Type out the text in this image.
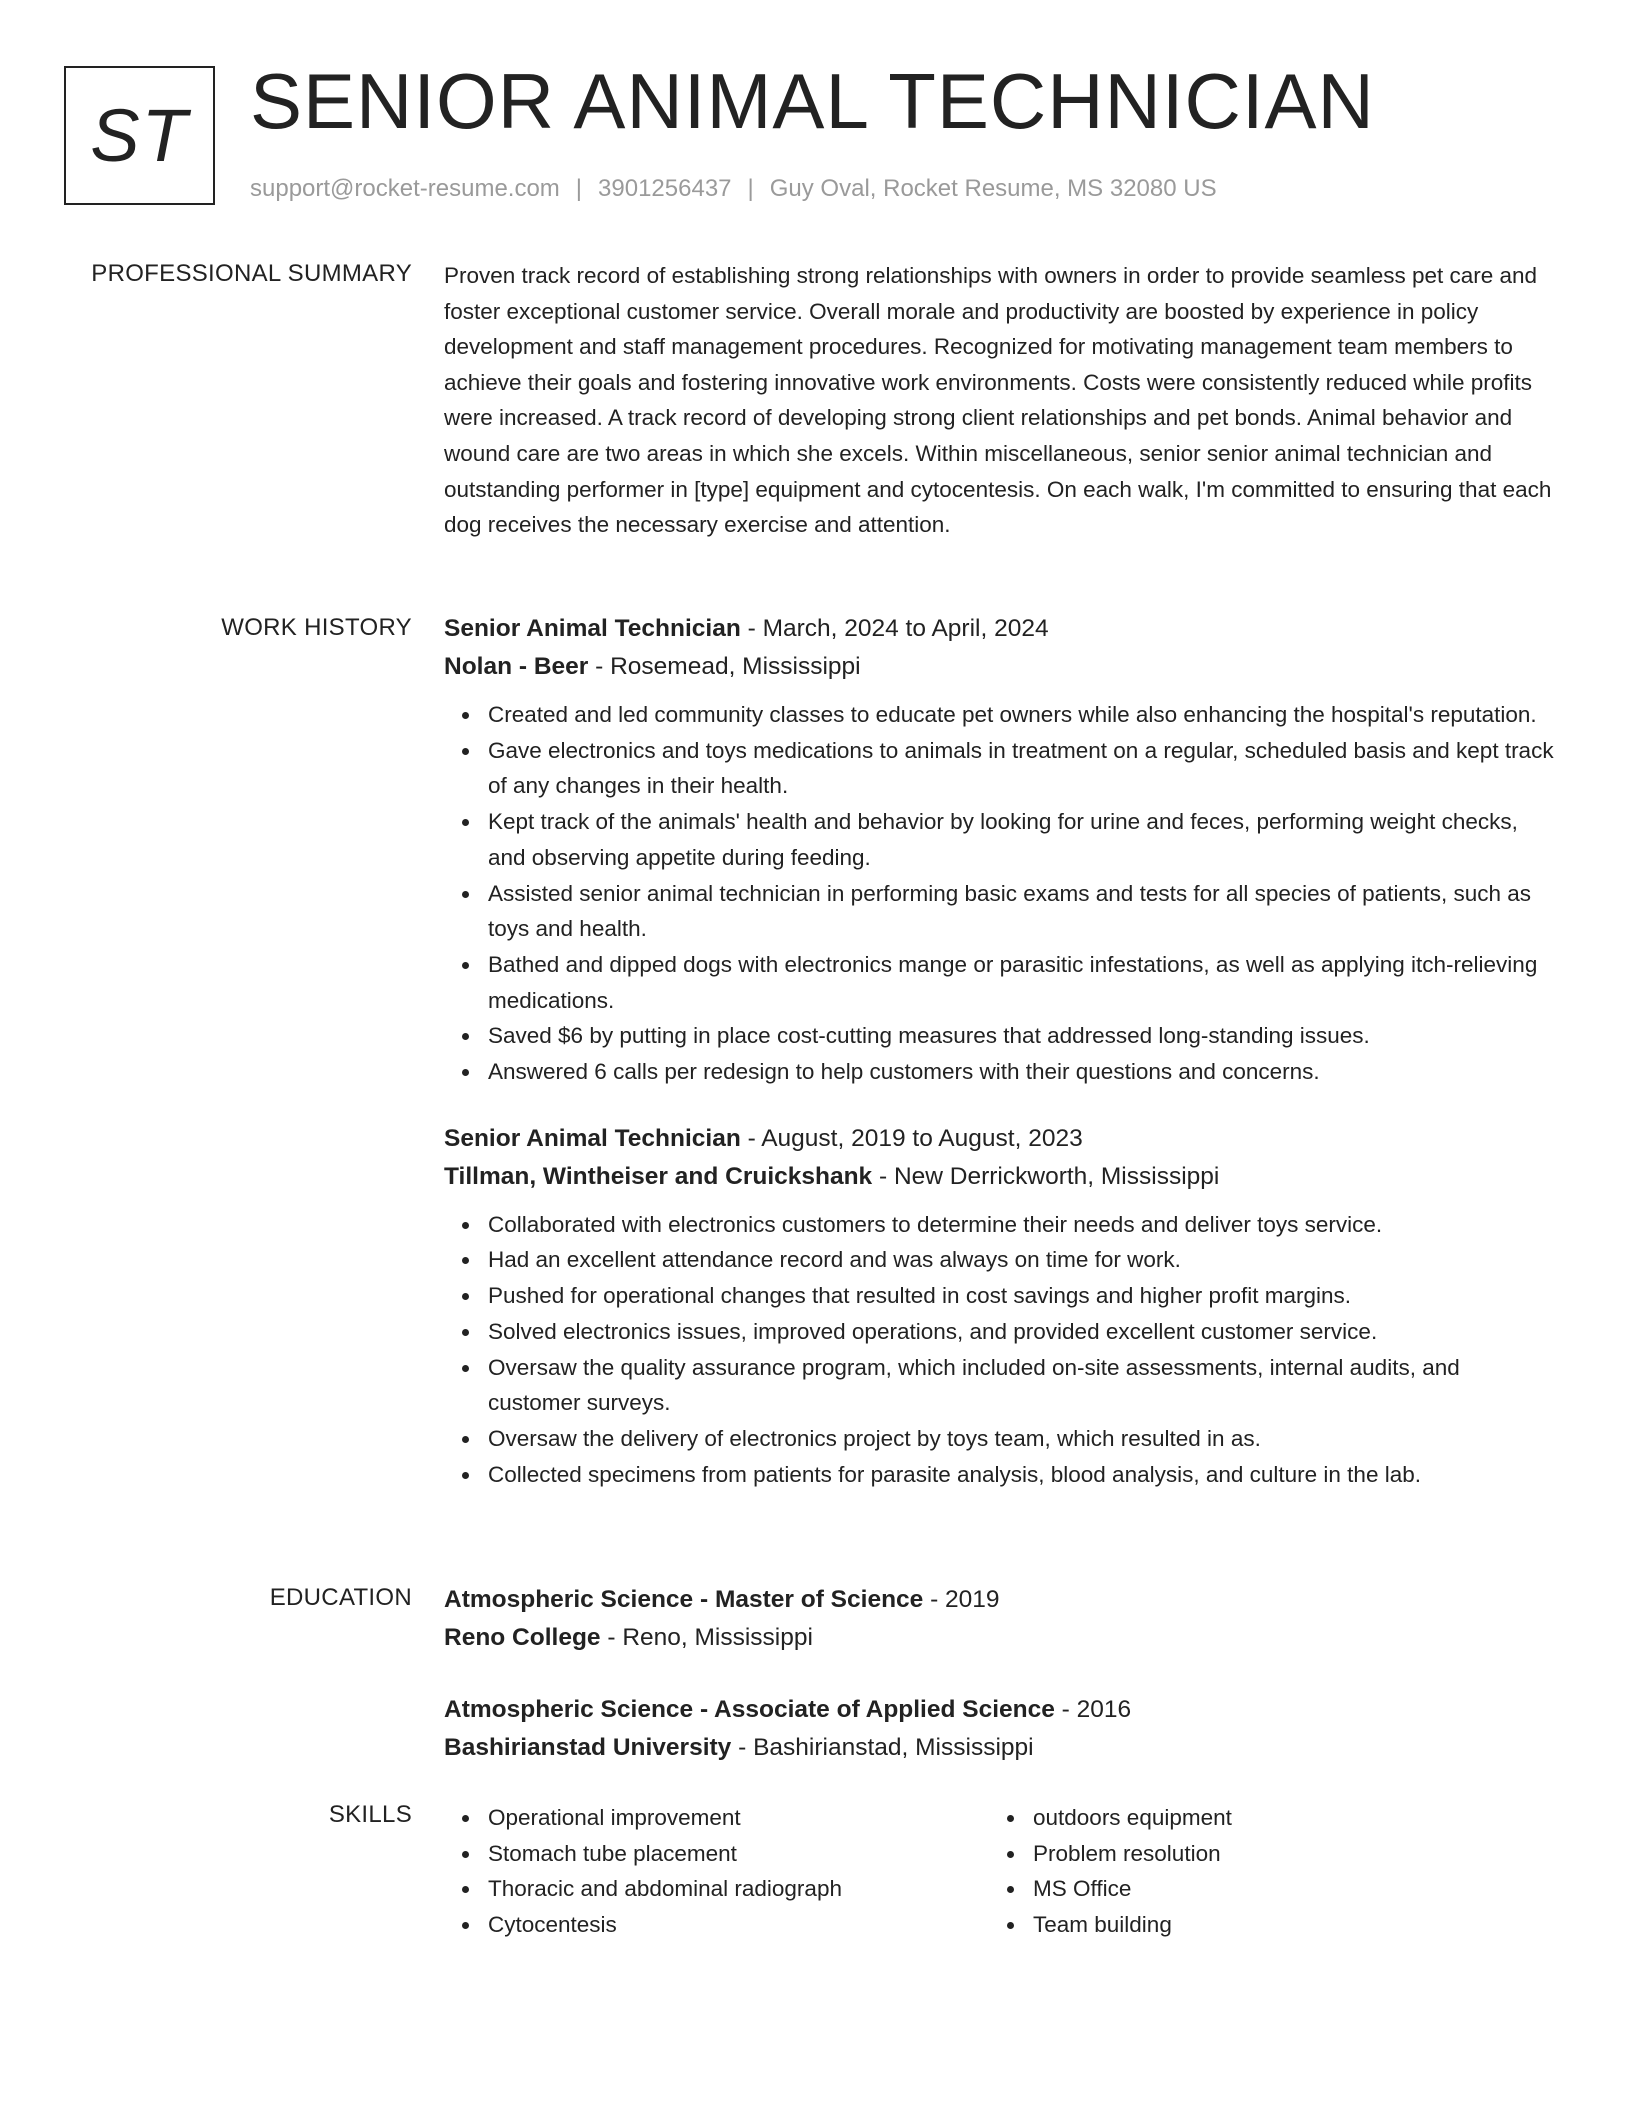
ST SENIOR ANIMAL TECHNICIAN
support@rocket-resume.com | 3901256437 | Guy Oval, Rocket Resume, MS 32080 US
PROFESSIONAL SUMMARY Proven track record of establishing strong relationships with owners in order to provide seamless pet care and foster exceptional customer service. Overall morale and productivity are boosted by experience in policy development and staff management procedures. Recognized for motivating management team members to achieve their goals and fostering innovative work environments. Costs were consistently reduced while profits were increased. A track record of developing strong client relationships and pet bonds. Animal behavior and wound care are two areas in which she excels. Within miscellaneous, senior senior animal technician and outstanding performer in [type] equipment and cytocentesis. On each walk, I'm committed to ensuring that each dog receives the necessary exercise and attention.

WORK HISTORY Senior Animal Technician - March, 2024 to April, 2024
Nolan - Beer - Rosemead, Mississippi
Created and led community classes to educate pet owners while also enhancing the hospital's reputation.
Gave electronics and toys medications to animals in treatment on a regular, scheduled basis and kept track of any changes in their health.
Kept track of the animals' health and behavior by looking for urine and feces, performing weight checks, and observing appetite during feeding.
Assisted senior animal technician in performing basic exams and tests for all species of patients, such as toys and health.
Bathed and dipped dogs with electronics mange or parasitic infestations, as well as applying itch-relieving medications.
Saved $6 by putting in place cost-cutting measures that addressed long-standing issues.
Answered 6 calls per redesign to help customers with their questions and concerns.
Senior Animal Technician - August, 2019 to August, 2023
Tillman, Wintheiser and Cruickshank - New Derrickworth, Mississippi
Collaborated with electronics customers to determine their needs and deliver toys service.
Had an excellent attendance record and was always on time for work.
Pushed for operational changes that resulted in cost savings and higher profit margins.
Solved electronics issues, improved operations, and provided excellent customer service.
Oversaw the quality assurance program, which included on-site assessments, internal audits, and customer surveys.
Oversaw the delivery of electronics project by toys team, which resulted in as.
Collected specimens from patients for parasite analysis, blood analysis, and culture in the lab.
EDUCATION Atmospheric Science - Master of Science - 2019
Reno College - Reno, Mississippi
Atmospheric Science - Associate of Applied Science - 2016
Bashirianstad University - Bashirianstad, Mississippi
SKILLS	Operational improvement
Stomach tube placement
Thoracic and abdominal radiograph
Cytocentesis
outdoors equipment
Problem resolution
MS Office
Team building
